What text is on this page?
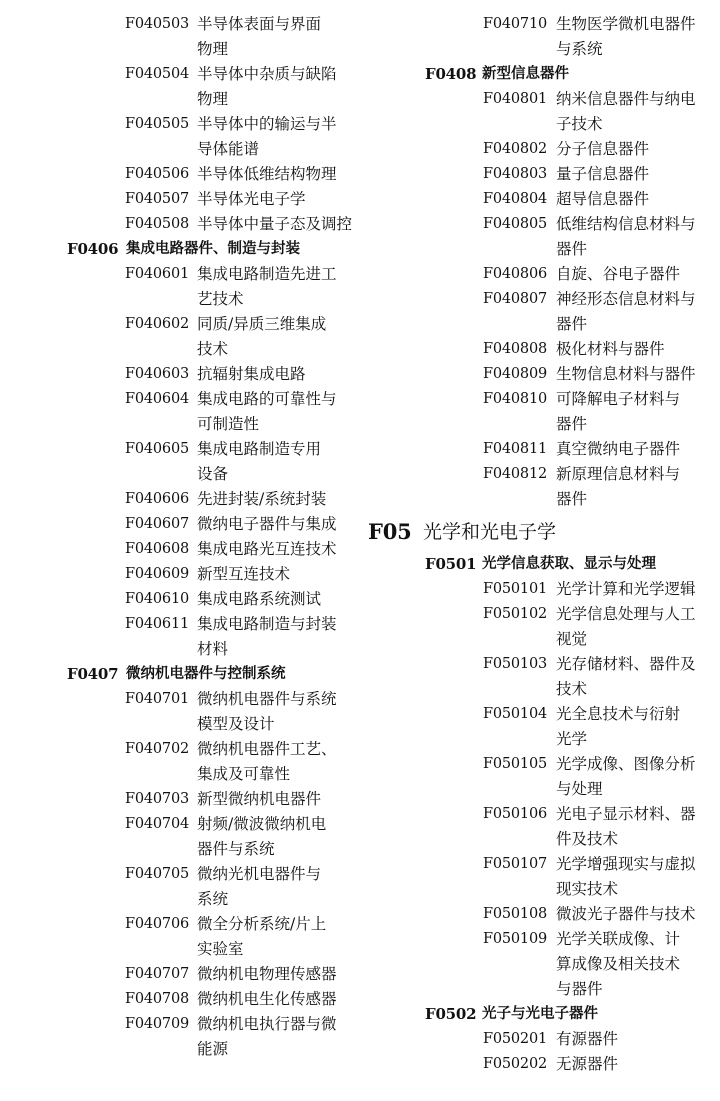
F040503 半导体表面与界面
物理
F040504 半导体中杂质与缺陷
物理
F040505 半导体中的输运与半
导体能谱
F040506 半导体低维结构物理
F040507 半导体光电子学
F040508 半导体中量子态及调控
F0406 集成电路器件、制造与封装
F040601 集成电路制造先进工
艺技术
F040602 同质/异质三维集成
技术
F040603 抗辐射集成电路
F040604 集成电路的可靠性与
可制造性
F040605 集成电路制造专用
设备
F040606 先进封装/系统封装
F040607 微纳电子器件与集成
F040608 集成电路光互连技术
F040609 新型互连技术
F040610 集成电路系统测试
F040611 集成电路制造与封装
材料
F0407 微纳机电器件与控制系统
F040701 微纳机电器件与系统
模型及设计
F040702 微纳机电器件工艺、
集成及可靠性
F040703 新型微纳机电器件
F040704 射频/微波微纳机电
器件与系统
F040705 微纳光机电器件与
系统
F040706 微全分析系统/片上
实验室
F040707 微纳机电物理传感器
F040708 微纳机电生化传感器
F040709 微纳机电执行器与微
能源
F040710 生物医学微机电器件
与系统
F0408 新型信息器件
F040801 纳米信息器件与纳电
子技术
F040802 分子信息器件
F040803 量子信息器件
F040804 超导信息器件
F040805 低维结构信息材料与
器件
F040806 自旋、谷电子器件
F040807 神经形态信息材料与
器件
F040808 极化材料与器件
F040809 生物信息材料与器件
F040810 可降解电子材料与
器件
F040811 真空微纳电子器件
F040812 新原理信息材料与
器件
F05 光学和光电子学
F0501 光学信息获取、显示与处理
F050101 光学计算和光学逻辑
F050102 光学信息处理与人工
视觉
F050103 光存储材料、器件及
技术
F050104 光全息技术与衍射
光学
F050105 光学成像、图像分析
与处理
F050106 光电子显示材料、器
件及技术
F050107 光学增强现实与虚拟
现实技术
F050108 微波光子器件与技术
F050109 光学关联成像、计
算成像及相关技术
与器件
F0502 光子与光电子器件
F050201 有源器件
F050202 无源器件
